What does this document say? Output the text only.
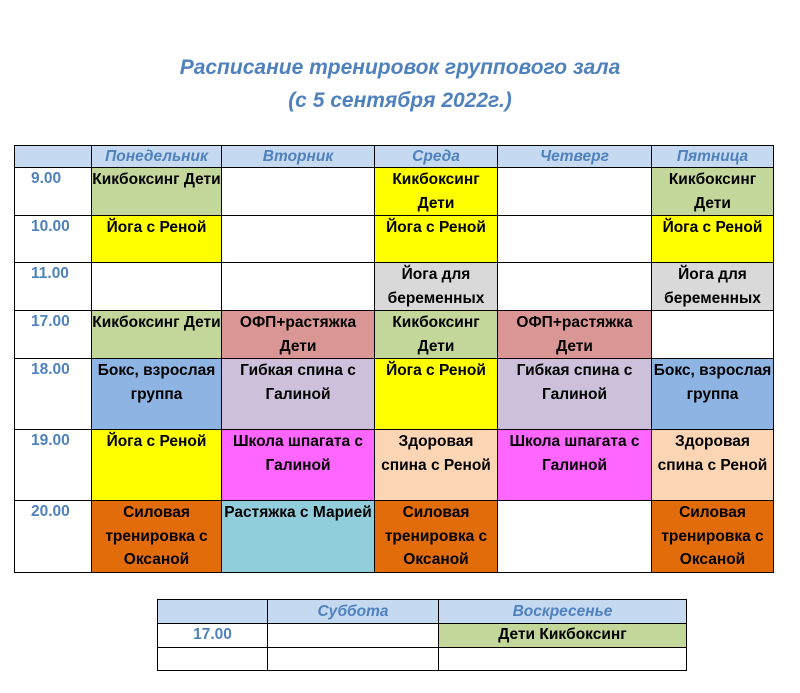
Расписание тренировок группового зала
(с 5 сентября 2022г.)
	Понедельник	Вторник	Среда	Четверг	Пятница
9.00	Кикбоксинг Дети		Кикбоксинг Дети		Кикбоксинг Дети
10.00	Йога с Реной		Йога с Реной		Йога с Реной
11.00			Йога для беременных		Йога для беременных
17.00	Кикбоксинг Дети	ОФП+растяжка Дети	Кикбоксинг Дети	ОФП+растяжка Дети	
18.00	Бокс, взрослая группа	Гибкая спина с Галиной	Йога с Реной	Гибкая спина с Галиной	Бокс, взрослая группа
19.00	Йога с Реной	Школа шпагата с Галиной	Здоровая спина с Реной	Школа шпагата с Галиной	Здоровая спина с Реной
20.00	Силовая тренировка с Оксаной	Растяжка с Марией	Силовая тренировка с Оксаной		Силовая тренировка с Оксаной
	Суббота	Воскресенье
17.00		Дети Кикбоксинг
